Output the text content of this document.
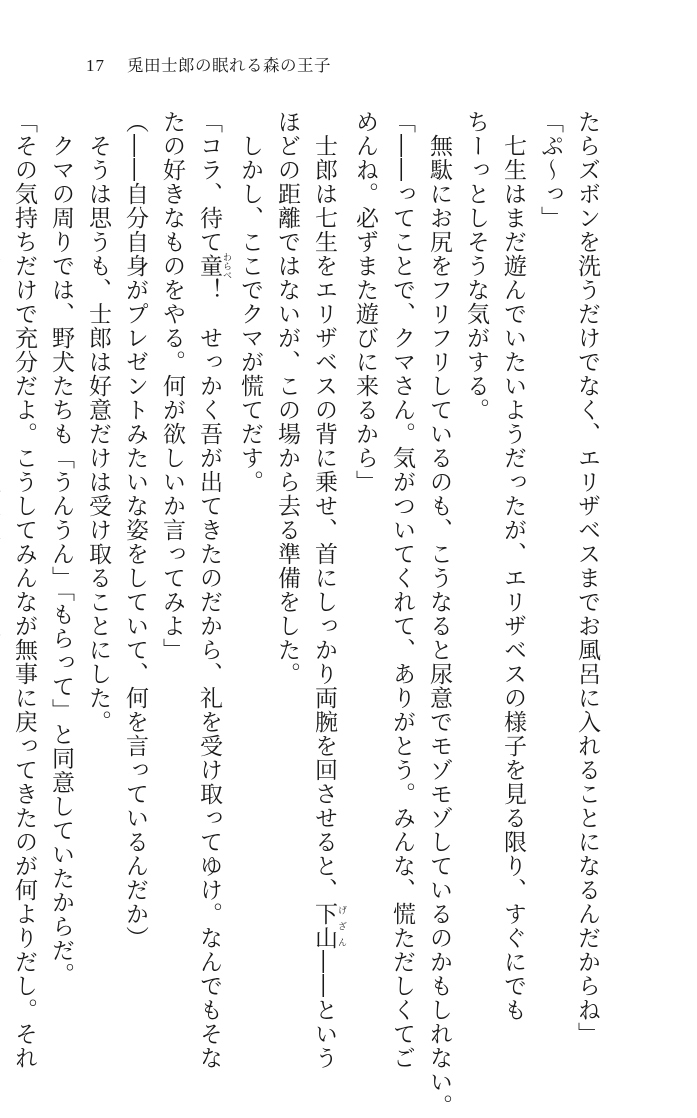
17 兎田士郎の眠れる森の王子
たらズボンを洗うだけでなく、エリザベスまでお風呂に入れることになるんだからね」
「ぷ～っ」
　七生はまだ遊んでいたいようだったが、エリザベスの様子を見る限り、すぐにでも
ちーっとしそうな気がする。
　無駄にお尻をフリフリしているのも、こうなると尿意でモゾモゾしているのかもしれない。
「――ってことで、クマさん。気がついてくれて、ありがとう。みんな、慌ただしくてご
めんね。必ずまた遊びに来るから」
　士郎は七生をエリザベスの背に乗せ、首にしっかり両腕を回させると、下山 げざん――という
ほどの距離ではないが、この場から去る準備をした。
　しかし、ここでクマが慌てだす。
「コラ、待て童 わらべ！　せっかく吾が出てきたのだから、礼を受け取ってゆけ。なんでもそな
たの好きなものをやる。何が欲しいか言ってみよ」
（――自分自身がプレゼントみたいな姿をしていて、何を言っているんだか）
　そうは思うも、士郎は好意だけは受け取ることにした。
　クマの周りでは、野犬たちも「うんうん」「もらって」と同意していたからだ。
「その気持ちだけで充分だよ。こうしてみんなが無事に戻ってきたのが何よりだし。それ
